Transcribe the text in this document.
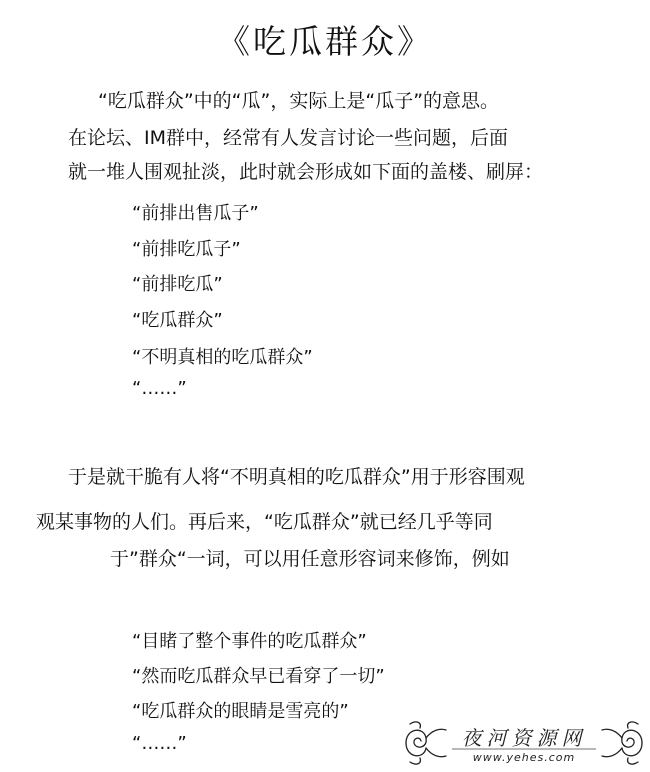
《吃瓜群众》

“吃瓜群众”中的“瓜”，实际上是“瓜子”的意思。

在论坛、IM群中，经常有人发言讨论一些问题，后面

就一堆人围观扯淡，此时就会形成如下面的盖楼、刷屏：

“前排出售瓜子”

“前排吃瓜子”

“前排吃瓜”

“吃瓜群众”

“不明真相的吃瓜群众”

“……”

于是就干脆有人将“不明真相的吃瓜群众”用于形容围观

观某事物的人们。再后来，“吃瓜群众”就已经几乎等同

于”群众“一词，可以用任意形容词来修饰，例如

“目睹了整个事件的吃瓜群众”

“然而吃瓜群众早已看穿了一切”

“吃瓜群众的眼睛是雪亮的”

“……”	夜河资源网
www.yehes.com
